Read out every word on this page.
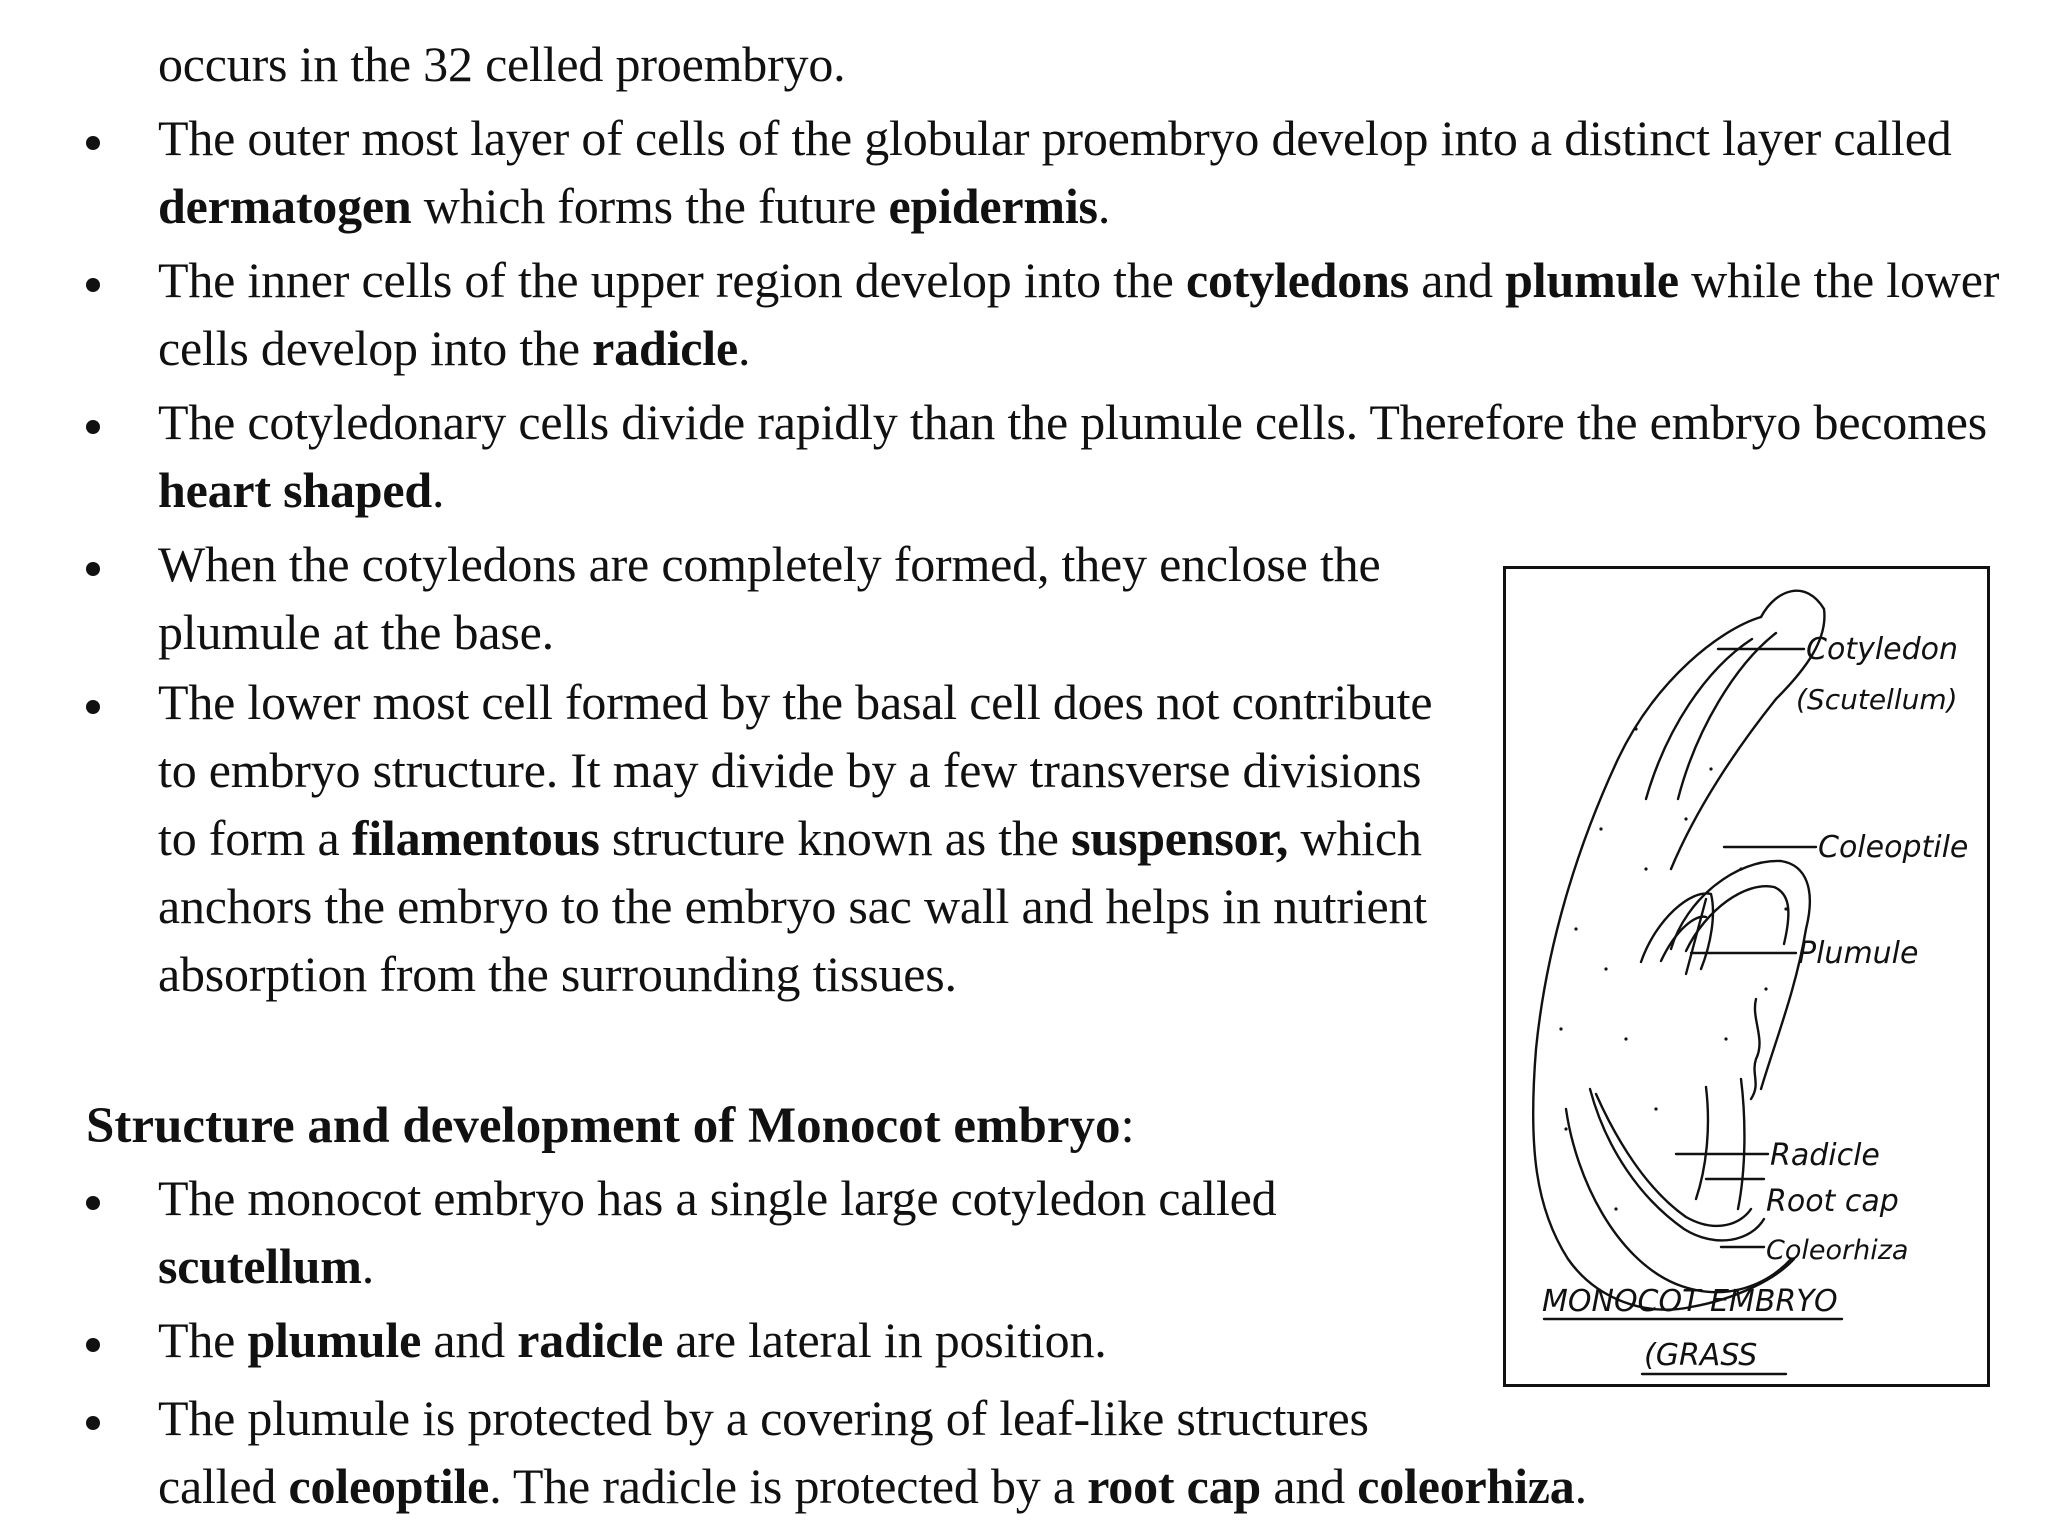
occurs in the 32 celled proembryo.
The outer most layer of cells of the globular proembryo develop into a distinct layer called
dermatogen which forms the future epidermis.
The inner cells of the upper region develop into the cotyledons and plumule while the lower
cells develop into the radicle.
The cotyledonary cells divide rapidly than the plumule cells. Therefore the embryo becomes
heart shaped.
When the cotyledons are completely formed, they enclose the
plumule at the base.
The lower most cell formed by the basal cell does not contribute
to embryo structure. It may divide by a few transverse divisions
to form a filamentous structure known as the suspensor, which
anchors the embryo to the embryo sac wall and helps in nutrient
absorption from the surrounding tissues.
Structure and development of Monocot embryo:
The monocot embryo has a single large cotyledon called
scutellum.
The plumule and radicle are lateral in position.
The plumule is protected by a covering of leaf-like structures
called coleoptile. The radicle is protected by a root cap and coleorhiza.
Cotyledon
(Scutellum)
Coleoptile
Plumule
Radicle
Root cap
Coleorhiza
MONOCOT EMBRYO
(GRASS
